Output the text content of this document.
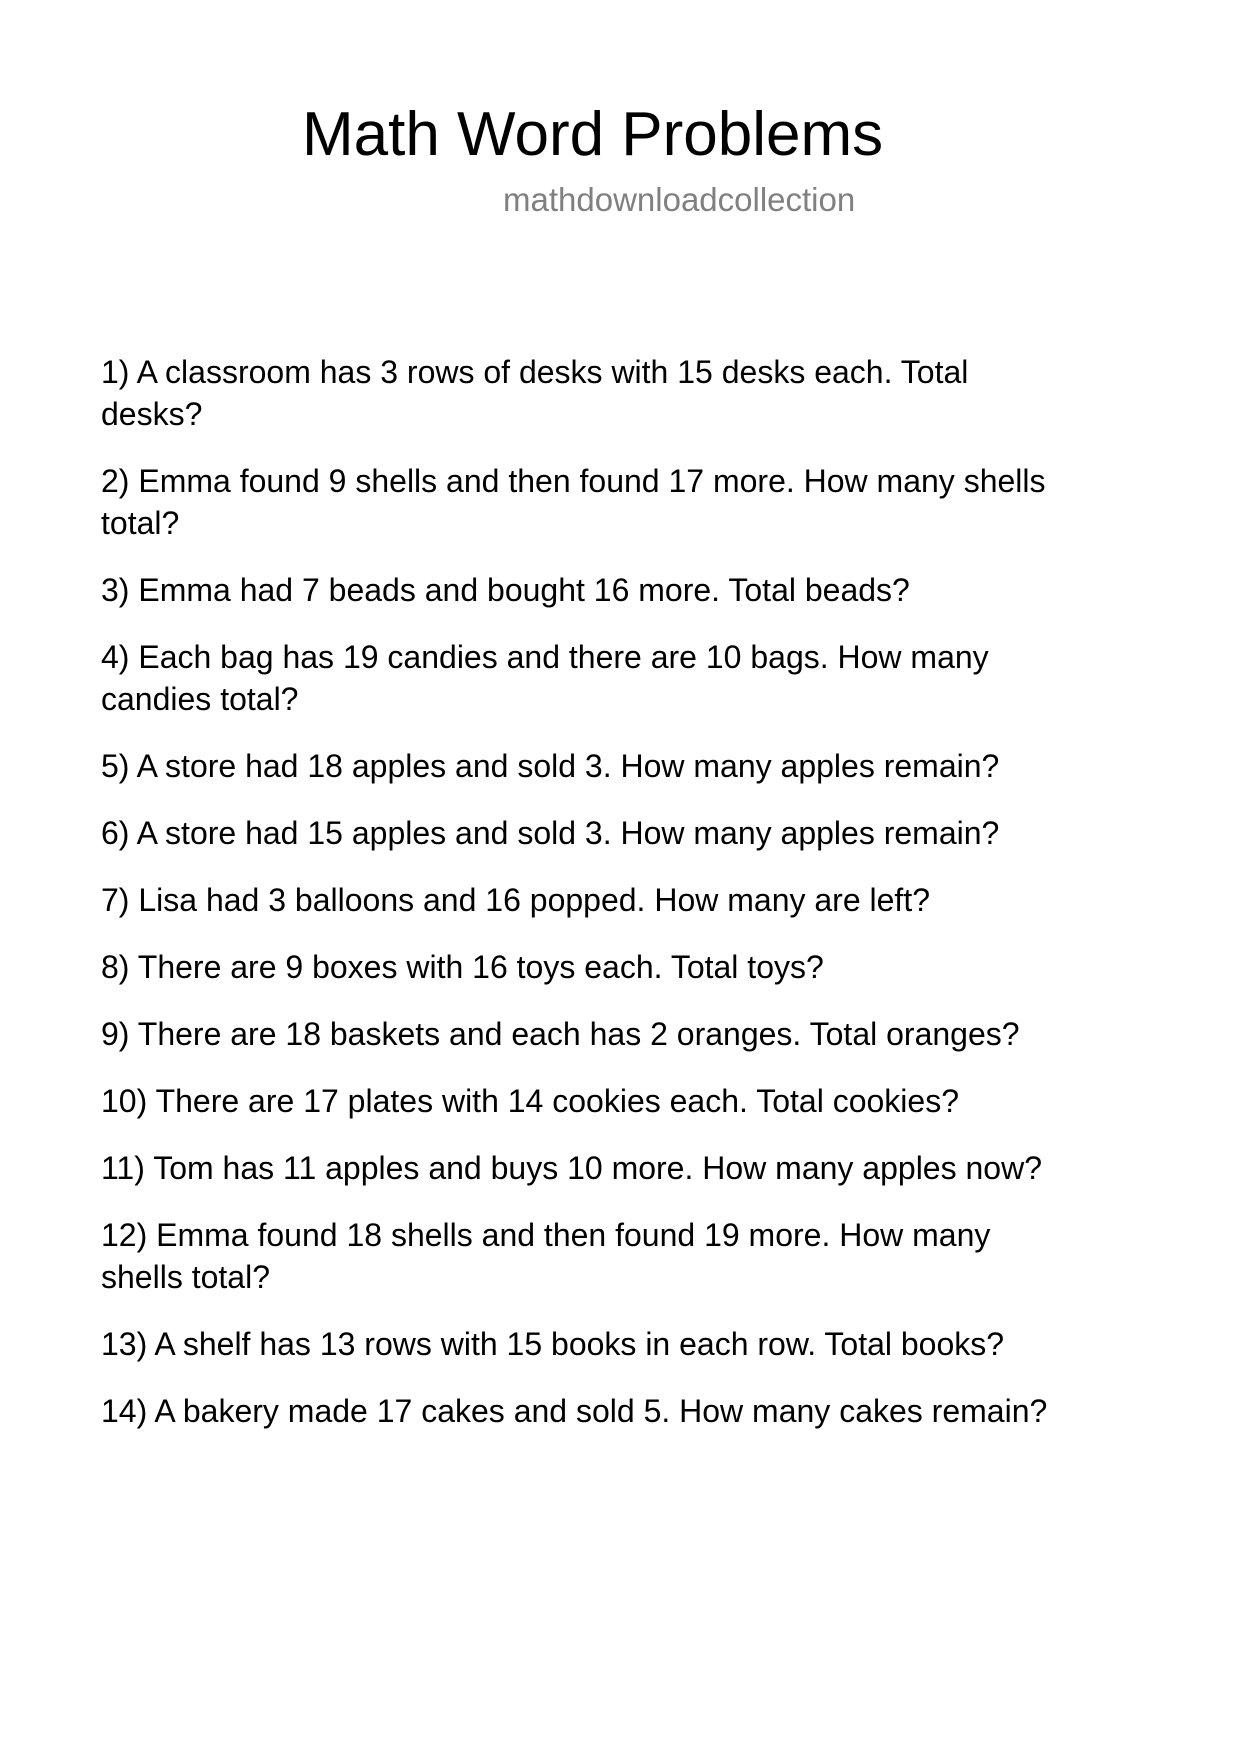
Math Word Problems
mathdownloadcollection
1) A classroom has 3 rows of desks with 15 desks each. Total
desks?
2) Emma found 9 shells and then found 17 more. How many shells
total?
3) Emma had 7 beads and bought 16 more. Total beads?
4) Each bag has 19 candies and there are 10 bags. How many
candies total?
5) A store had 18 apples and sold 3. How many apples remain?
6) A store had 15 apples and sold 3. How many apples remain?
7) Lisa had 3 balloons and 16 popped. How many are left?
8) There are 9 boxes with 16 toys each. Total toys?
9) There are 18 baskets and each has 2 oranges. Total oranges?
10) There are 17 plates with 14 cookies each. Total cookies?
11) Tom has 11 apples and buys 10 more. How many apples now?
12) Emma found 18 shells and then found 19 more. How many
shells total?
13) A shelf has 13 rows with 15 books in each row. Total books?
14) A bakery made 17 cakes and sold 5. How many cakes remain?
